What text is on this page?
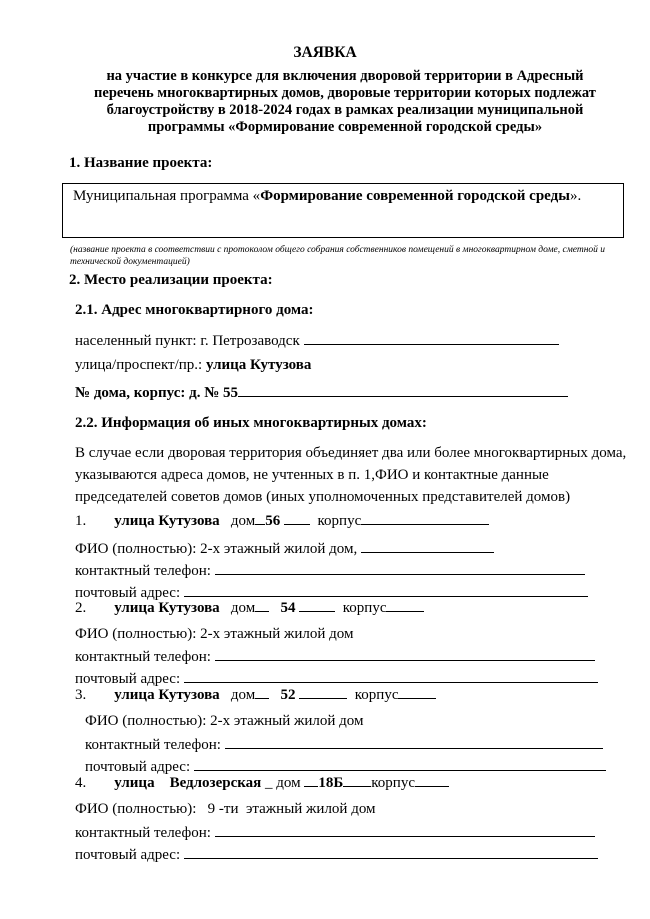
ЗАЯВКА
на участие в конкурсе для включения дворовой территории в Адресный
перечень многоквартирных домов, дворовые территории которых подлежат
благоустройству в 2018-2024 годах в рамках реализации муниципальной
программы «Формирование современной городской среды»
1. Название проекта:
Муниципальная программа «Формирование современной городской среды».
(название проекта в соответствии с протоколом общего собрания собственников помещений в многоквартирном доме, сметной и технической документацией)
2. Место реализации проекта:
2.1. Адрес многоквартирного дома:
населенный пункт: г. Петрозаводск
улица/проспект/пр.: улица Кутузова
№ дома, корпус: д. № 55
2.2. Информация об иных многоквартирных домах:
В случае если дворовая территория объединяет два или более многоквартирных дома, указываются адреса домов, не учтенных в п. 1,ФИО и контактные данные председателей советов домов (иных уполномоченных представителей домов)
1. улица Кутузова дом 56 корпус
ФИО (полностью): 2-х этажный жилой дом,
контактный телефон:
почтовый адрес:
2. улица Кутузова дом 54	корпус
ФИО (полностью): 2-х этажный жилой дом
контактный телефон:
почтовый адрес:
3. улица Кутузова дом 52	корпус
ФИО (полностью): 2-х этажный жилой дом
контактный телефон:
почтовый адрес:
4. улица    Ведлозерская _ дом 18Б корпус
ФИО (полностью):   9 -ти  этажный жилой дом
контактный телефон:
почтовый адрес:
